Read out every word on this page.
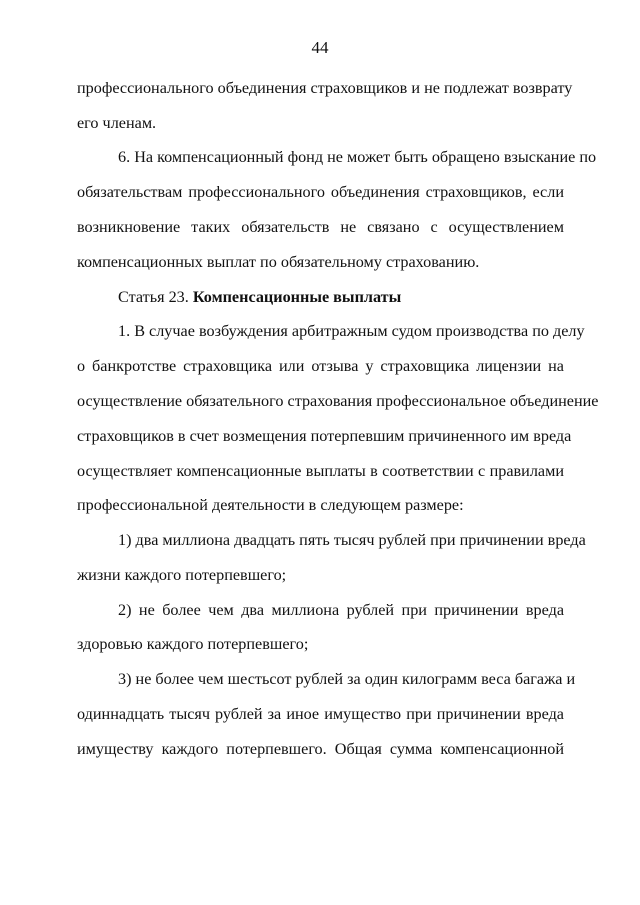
44
профессионального объединения страховщиков и не подлежат возврату
его членам.
6. На компенсационный фонд не может быть обращено взыскание по
обязательствам профессионального объединения страховщиков, если
возникновение таких обязательств не связано с осуществлением
компенсационных выплат по обязательному страхованию.
Статья 23. Компенсационные выплаты
1. В случае возбуждения арбитражным судом производства по делу
о банкротстве страховщика или отзыва у страховщика лицензии на
осуществление обязательного страхования профессиональное объединение
страховщиков в счет возмещения потерпевшим причиненного им вреда
осуществляет компенсационные выплаты в соответствии с правилами
профессиональной деятельности в следующем размере:
1) два миллиона двадцать пять тысяч рублей при причинении вреда
жизни каждого потерпевшего;
2) не более чем два миллиона рублей при причинении вреда
здоровью каждого потерпевшего;
3) не более чем шестьсот рублей за один килограмм веса багажа и
одиннадцать тысяч рублей за иное имущество при причинении вреда
имуществу каждого потерпевшего. Общая сумма компенсационной
